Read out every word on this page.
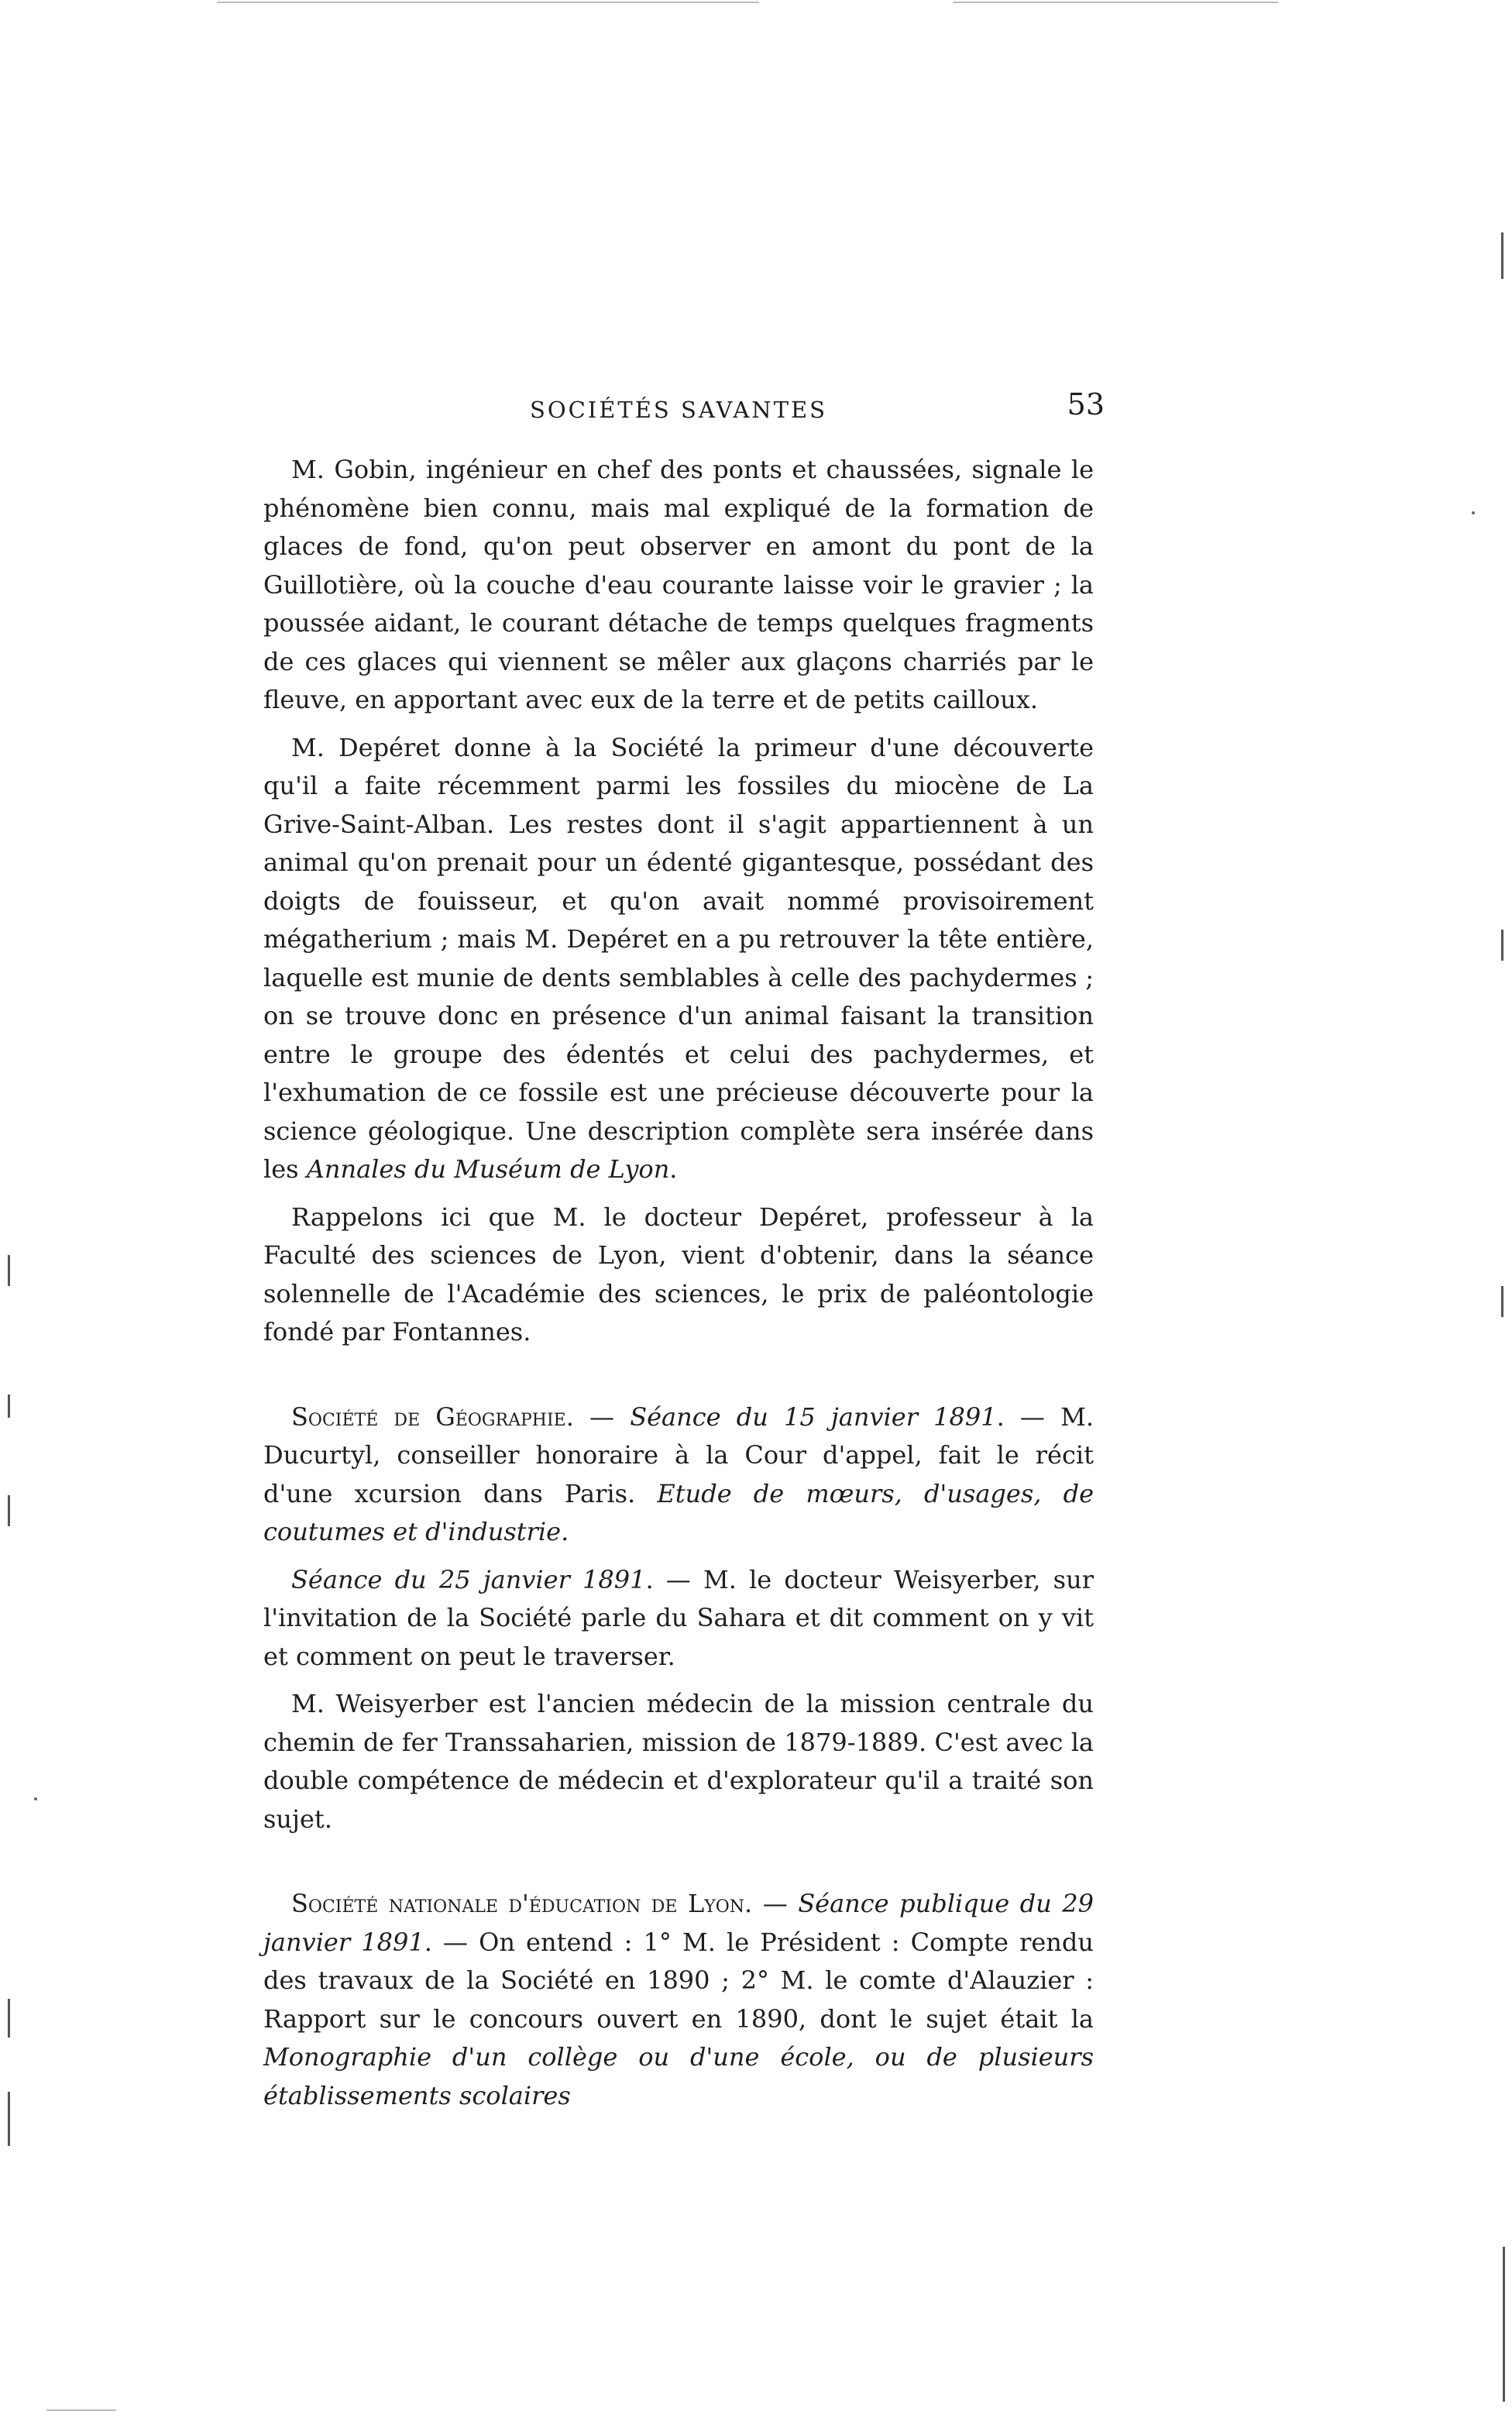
SOCIÉTÉS SAVANTES	53

M. Gobin, ingénieur en chef des ponts et chaussées, signale le phénomène bien connu, mais mal expliqué de la formation de glaces de fond, qu'on peut observer en amont du pont de la Guillotière, où la couche d'eau courante laisse voir le gravier ; la poussée aidant, le courant détache de temps quelques fragments de ces glaces qui viennent se mêler aux glaçons charriés par le fleuve, en apportant avec eux de la terre et de petits cailloux.

M. Depéret donne à la Société la primeur d'une découverte qu'il a faite récemment parmi les fossiles du miocène de La Grive-Saint-Alban. Les restes dont il s'agit appartiennent à un animal qu'on prenait pour un édenté gigantesque, possédant des doigts de fouisseur, et qu'on avait nommé provisoirement mégatherium ; mais M. Depéret en a pu retrouver la tête entière, laquelle est munie de dents semblables à celle des pachydermes ; on se trouve donc en présence d'un animal faisant la transition entre le groupe des édentés et celui des pachydermes, et l'exhumation de ce fossile est une précieuse découverte pour la science géologique. Une description complète sera insérée dans les Annales du Muséum de Lyon.

Rappelons ici que M. le docteur Depéret, professeur à la Faculté des sciences de Lyon, vient d'obtenir, dans la séance solennelle de l'Académie des sciences, le prix de paléontologie fondé par Fontannes.

Société de Géographie. — Séance du 15 janvier 1891. — M. Ducurtyl, conseiller honoraire à la Cour d'appel, fait le récit d'une xcursion dans Paris. Etude de mœurs, d'usages, de coutumes et d'industrie.

Séance du 25 janvier 1891. — M. le docteur Weisyerber, sur l'invitation de la Société parle du Sahara et dit comment on y vit et comment on peut le traverser.

M. Weisyerber est l'ancien médecin de la mission centrale du chemin de fer Transsaharien, mission de 1879-1889. C'est avec la double compétence de médecin et d'explorateur qu'il a traité son sujet.

Société nationale d'éducation de Lyon. — Séance publique du 29 janvier 1891. — On entend : 1° M. le Président : Compte rendu des travaux de la Société en 1890 ; 2° M. le comte d'Alauzier : Rapport sur le concours ouvert en 1890, dont le sujet était la Monographie d'un collège ou d'une école, ou de plusieurs établissements scolaires
